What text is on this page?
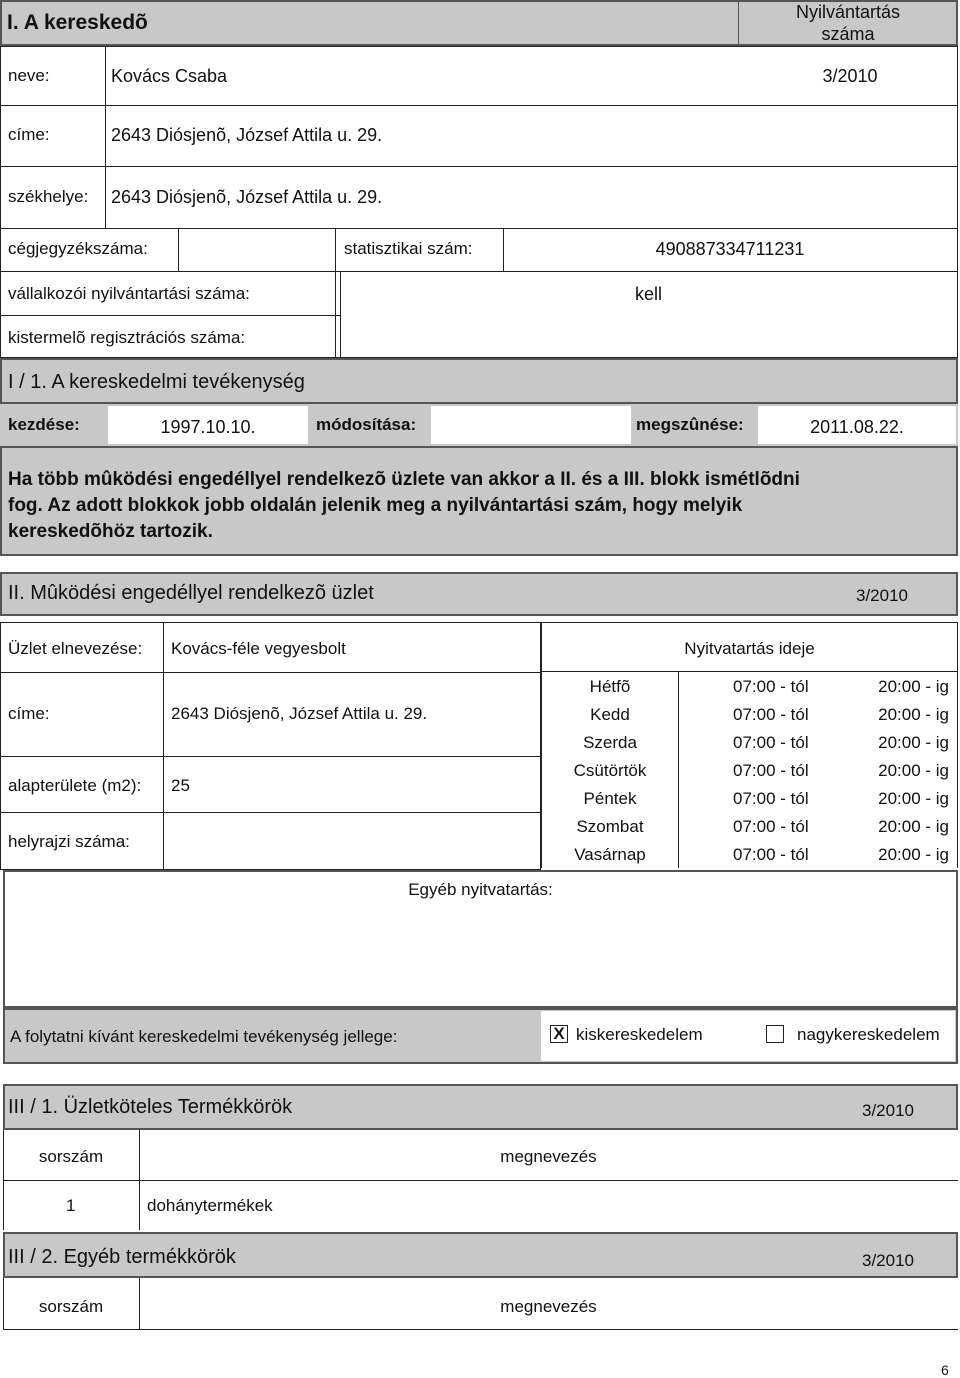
I. A kereskedõ	Nyilvántartás
száma
neve:	Kovács Csaba	3/2010
címe:	2643 Diósjenõ, József Attila u. 29.
székhelye: 2643 Diósjenõ, József Attila u. 29.
cégjegyzékszáma:	statisztikai szám:	490887334711231
vállalkozói nyilvántartási száma:	kell
kistermelõ regisztrációs száma:
I / 1. A kereskedelmi tevékenység
kezdése:	1997.10.10.	módosítása:	megszûnése:	2011.08.22.
Ha több mûködési engedéllyel rendelkezõ üzlete van akkor a II. és a III. blokk ismétlõdni
fog. Az adott blokkok jobb oldalán jelenik meg a nyilvántartási szám, hogy melyik
kereskedõhöz tartozik.
II. Mûködési engedéllyel rendelkezõ üzlet	3/2010
Üzlet elnevezése: Kovács-féle vegyesbolt
címe:	2643 Diósjenõ, József Attila u. 29.
alapterülete (m2): 25
helyrajzi száma:
Nyitvatartás ideje
Hétfõ	07:00 - tól	20:00 - ig
Kedd	07:00 - tól	20:00 - ig
Szerda	07:00 - tól	20:00 - ig
Csütörtök	07:00 - tól	20:00 - ig
Péntek	07:00 - tól	20:00 - ig
Szombat	07:00 - tól	20:00 - ig
Vasárnap	07:00 - tól	20:00 - ig
Egyéb nyitvatartás:
A folytatni kívánt kereskedelmi tevékenység jellege:	X kiskereskedelem	nagykereskedelem
III / 1. Üzletköteles Termékkörök	3/2010
sorszám	megnevezés
1	dohánytermékek
III / 2. Egyéb termékkörök	3/2010
sorszám	megnevezés
6
